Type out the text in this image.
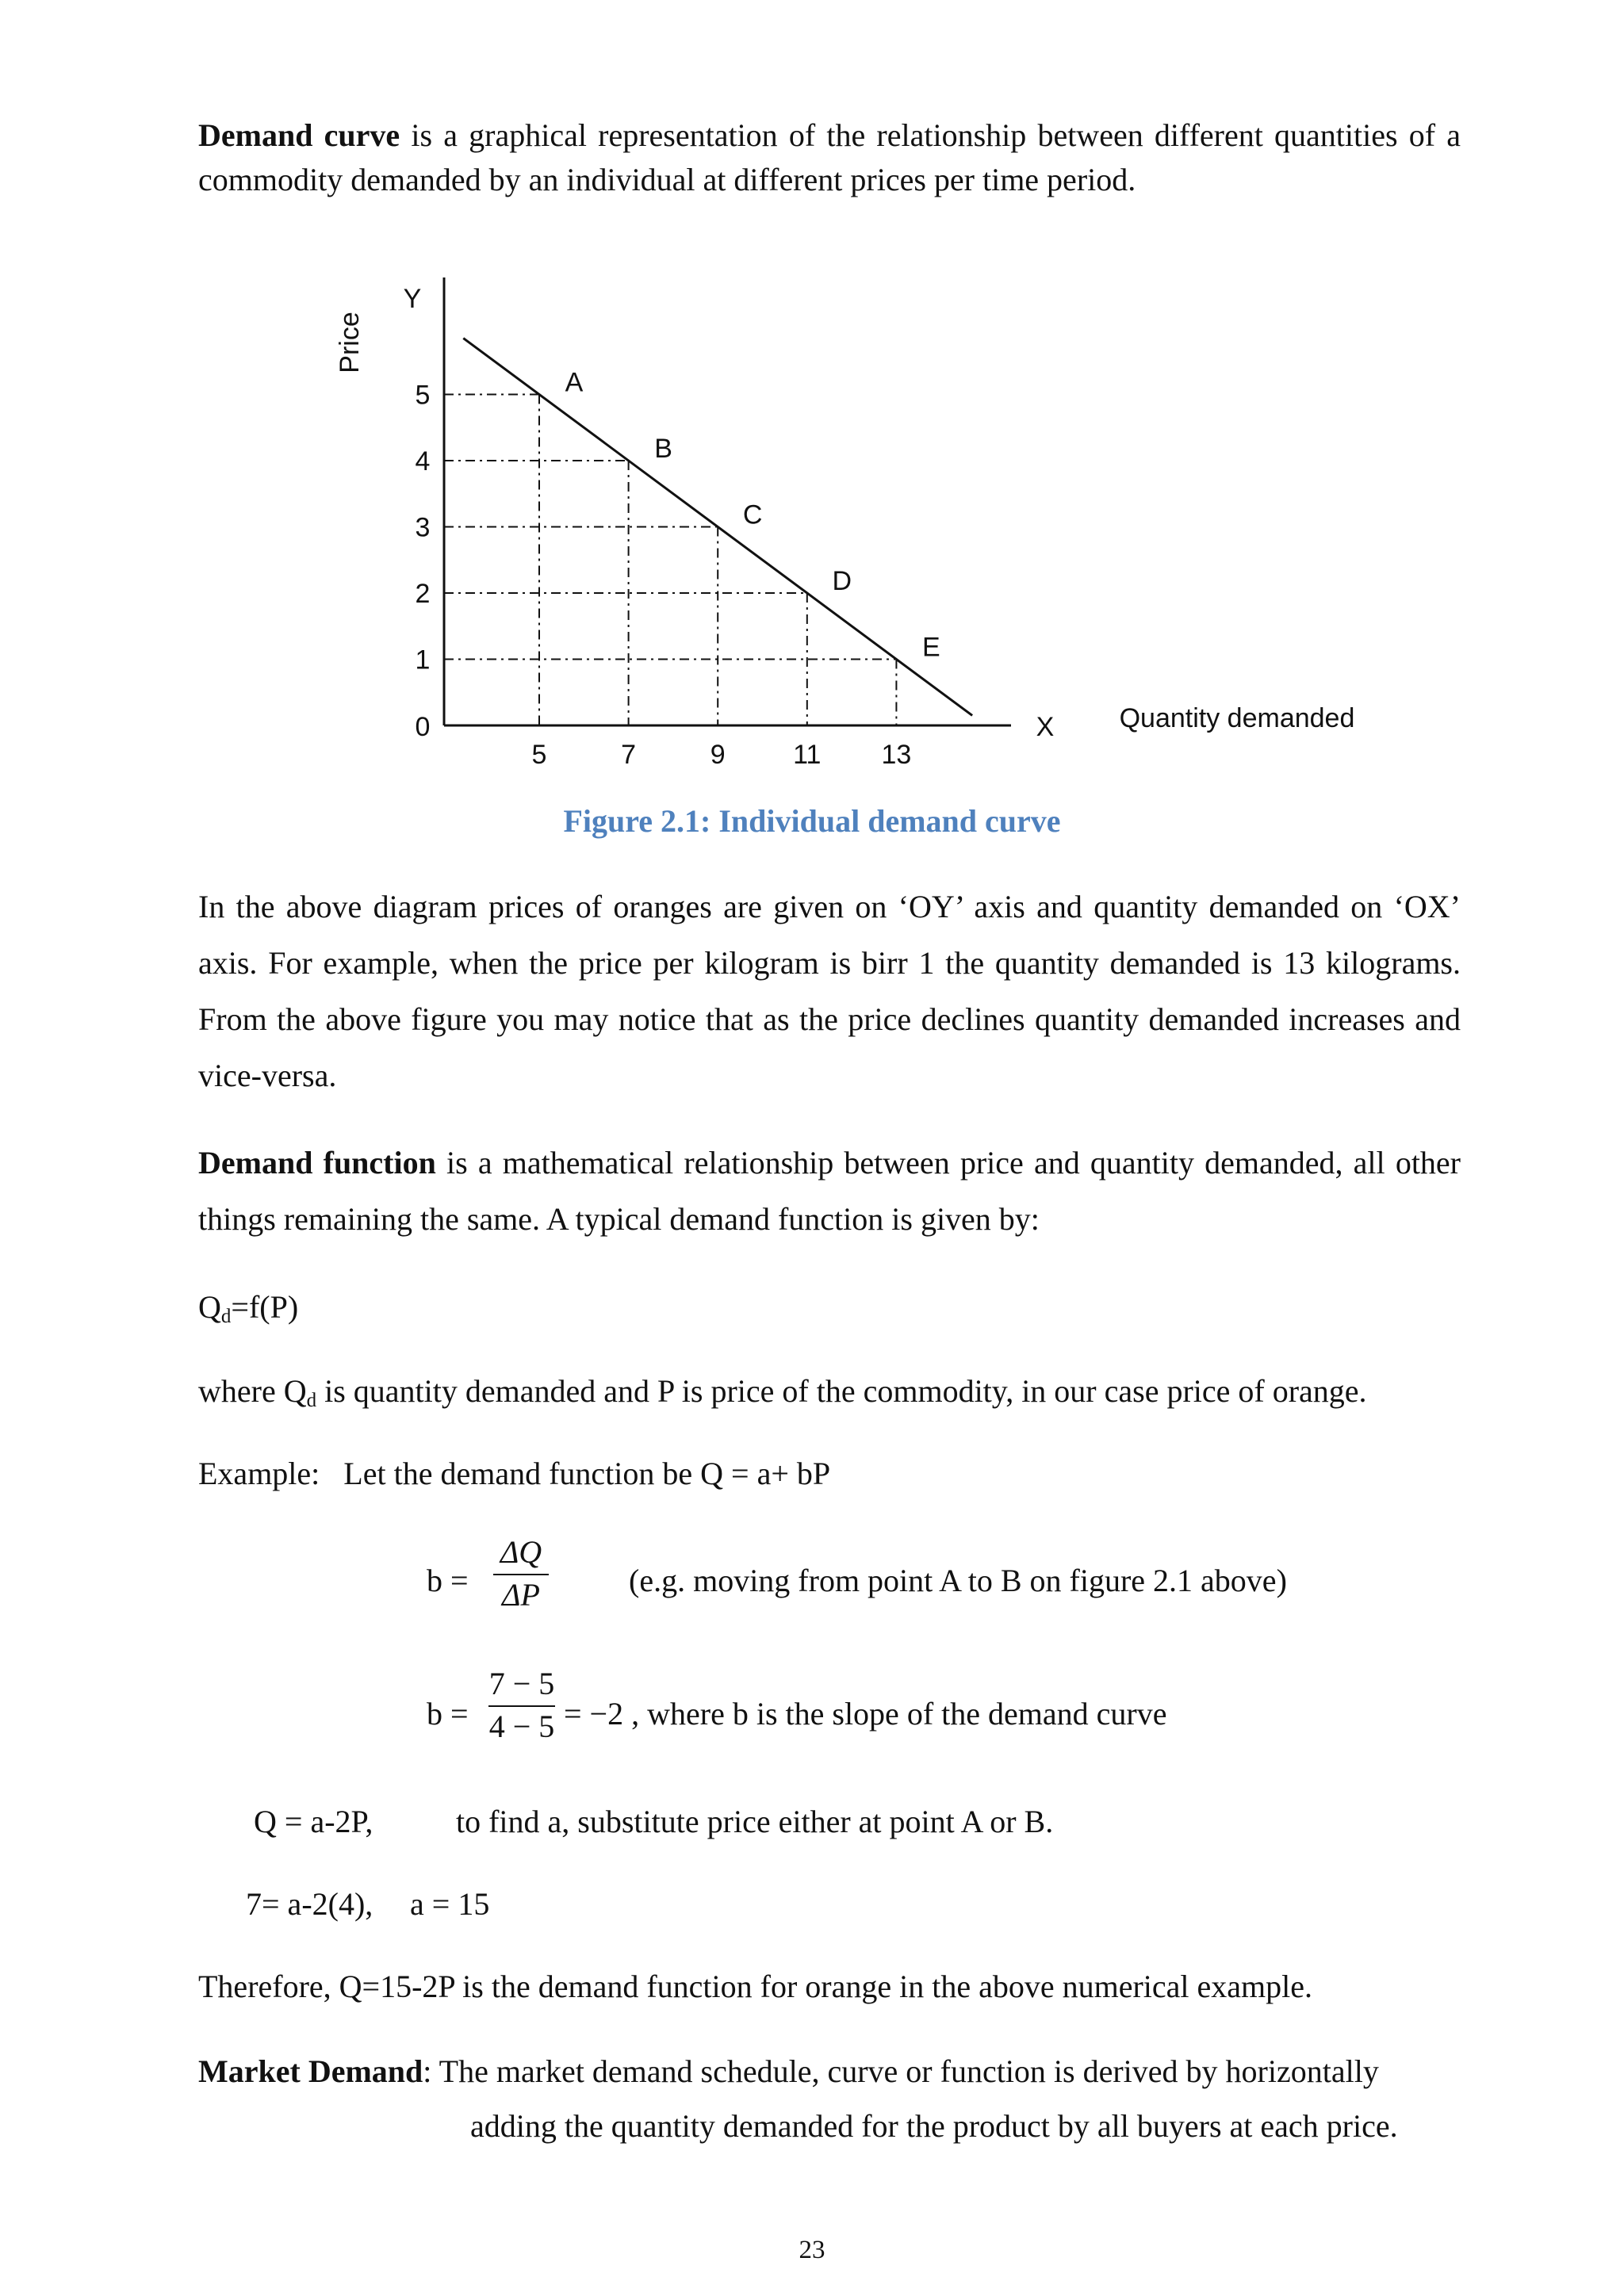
Demand curve is a graphical representation of the relationship between different quantities of a commodity demanded by an individual at different prices per time period.
Y
X Quantity demanded
Price
0
1
2
3
4
5
5	7	9	11 13
A
B
C
D
E
Figure 2.1: Individual demand curve
In the above diagram prices of oranges are given on ‘OY’ axis and quantity demanded on ‘OX’ axis. For example, when the price per kilogram is birr 1 the quantity demanded is 13 kilograms. From the above figure you may notice that as the price declines quantity demanded increases and vice-versa.
Demand function is a mathematical relationship between price and quantity demanded, all other things remaining the same. A typical demand function is given by:
$Q_d=f(P)$
where $Q_d$ is quantity demanded and P is price of the commodity, in our case price of orange.
Example:   Let the demand function be Q = a+ bP
b =
ΔQ
ΔP	(e.g. moving from point A to B on figure 2.1 above)
b =
7 − 5
4 − 5 = −2 , where b is the slope of the demand curve
Q = a-2P,	to find a, substitute price either at point A or B.
7= a-2(4), a = 15
Therefore, Q=15-2P is the demand function for orange in the above numerical example.
Market Demand: The market demand schedule, curve or function is derived by horizontally
adding the quantity demanded for the product by all buyers at each price.
23
